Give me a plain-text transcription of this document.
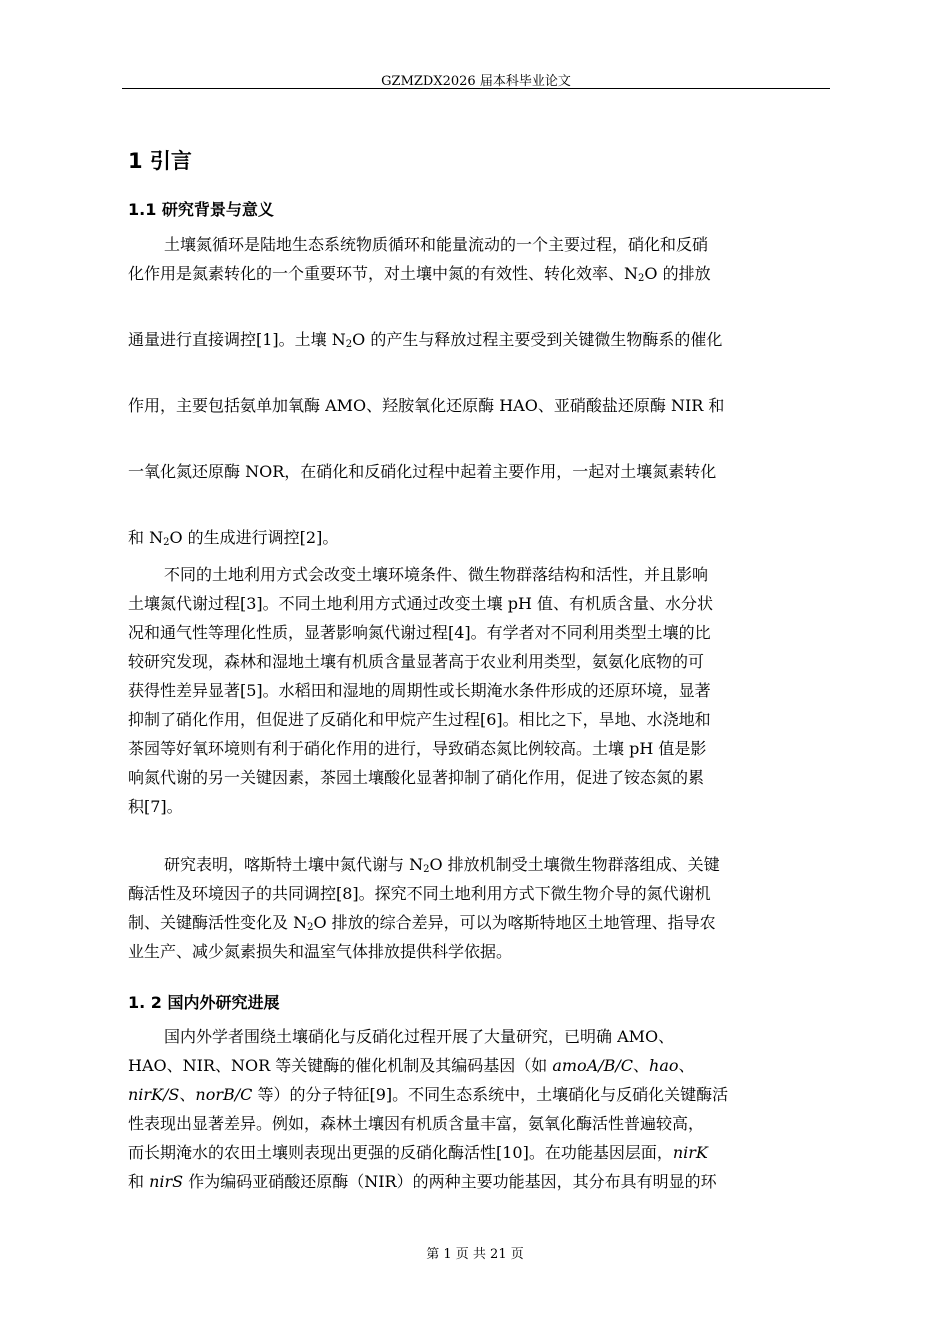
GZMZDX2026 届本科毕业论文
1 引言
1.1 研究背景与意义
土壤氮循环是陆地生态系统物质循环和能量流动的一个主要过程，硝化和反硝
化作用是氮素转化的一个重要环节，对土壤中氮的有效性、转化效率、$N_2O$ 的排放
通量进行直接调控[1]。土壤 $N_2O$ 的产生与释放过程主要受到关键微生物酶系的催化
作用，主要包括氨单加氧酶 AMO、羟胺氧化还原酶 HAO、亚硝酸盐还原酶 NIR 和
一氧化氮还原酶 NOR，在硝化和反硝化过程中起着主要作用，一起对土壤氮素转化
和 $N_2O$ 的生成进行调控[2]。
不同的土地利用方式会改变土壤环境条件、微生物群落结构和活性，并且影响
土壤氮代谢过程[3]。不同土地利用方式通过改变土壤 pH 值、有机质含量、水分状
况和通气性等理化性质，显著影响氮代谢过程[4]。有学者对不同利用类型土壤的比
较研究发现，森林和湿地土壤有机质含量显著高于农业利用类型，氨氨化底物的可
获得性差异显著[5]。水稻田和湿地的周期性或长期淹水条件形成的还原环境，显著
抑制了硝化作用，但促进了反硝化和甲烷产生过程[6]。相比之下，旱地、水浇地和
茶园等好氧环境则有利于硝化作用的进行，导致硝态氮比例较高。土壤 pH 值是影
响氮代谢的另一关键因素，茶园土壤酸化显著抑制了硝化作用，促进了铵态氮的累
积[7]。
研究表明，喀斯特土壤中氮代谢与 $N_2O$ 排放机制受土壤微生物群落组成、关键
酶活性及环境因子的共同调控[8]。探究不同土地利用方式下微生物介导的氮代谢机
制、关键酶活性变化及 $N_2O$ 排放的综合差异，可以为喀斯特地区土地管理、指导农
业生产、减少氮素损失和温室气体排放提供科学依据。
1. 2 国内外研究进展
国内外学者围绕土壤硝化与反硝化过程开展了大量研究，已明确 AMO、
HAO、NIR、NOR 等关键酶的催化机制及其编码基因（如 amoA/B/C、hao、
nirK/S、norB/C 等）的分子特征[9]。不同生态系统中，土壤硝化与反硝化关键酶活
性表现出显著差异。例如，森林土壤因有机质含量丰富，氨氧化酶活性普遍较高，
而长期淹水的农田土壤则表现出更强的反硝化酶活性[10]。在功能基因层面，nirK
和 nirS 作为编码亚硝酸还原酶（NIR）的两种主要功能基因，其分布具有明显的环
第 1 页 共 21 页
